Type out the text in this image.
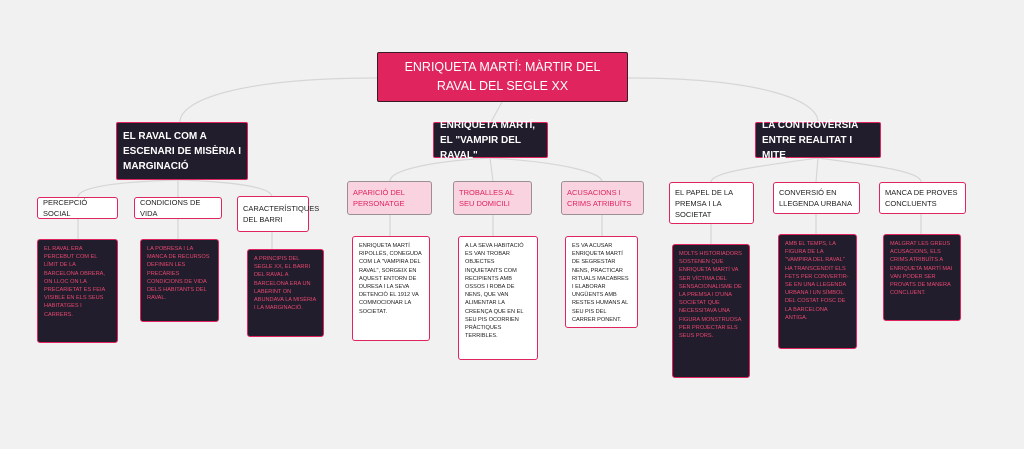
ENRIQUETA MARTÍ: MÀRTIR DEL RAVAL DEL SEGLE XX
EL RAVAL COM A ESCENARI DE MISÈRIA I MARGINACIÓ
PERCEPCIÓ SOCIAL
CONDICIONS DE VIDA
CARACTERÍSTIQUES DEL BARRI
EL RAVAL ERA PERCEBUT COM EL LÍMIT DE LA BARCELONA OBRERA, ON LLOC ON LA PRECARIETAT ES FEIA VISIBLE EN ELS SEUS HABITATGES I CARRERS.
LA POBRESA I LA MANCA DE RECURSOS DEFINIEN LES PRECÀRIES CONDICIONS DE VIDA DELS HABITANTS DEL RAVAL.
A PRINCIPIS DEL SEGLE XX, EL BARRI DEL RAVAL A BARCELONA ERA UN LABERINT ON ABUNDAVA LA MISÈRIA I LA MARGINACIÓ.
ENRIQUETA MARTÍ, EL "VAMPIR DEL RAVAL"
APARICIÓ DEL PERSONATGE
TROBALLES AL SEU DOMICILI
ACUSACIONS I CRIMS ATRIBUÏTS
ENRIQUETA MARTÍ RIPOLLÉS, CONEGUDA COM LA "VAMPIRA DEL RAVAL", SORGEIX EN AQUEST ENTORN DE DURESA I LA SEVA DETENCIÓ EL 1912 VA COMMOCIONAR LA SOCIETAT.
A LA SEVA HABITACIÓ ES VAN TROBAR OBJECTES INQUIETANTS COM RECIPIENTS AMB OSSOS I ROBA DE NENS, QUE VAN ALIMENTAR LA CREENÇA QUE EN EL SEU PIS OCORRIEN PRÀCTIQUES TERRIBLES.
ES VA ACUSAR ENRIQUETA MARTÍ DE SEGRESTAR NENS, PRACTICAR RITUALS MACABRES I ELABORAR UNGÜENTS AMB RESTES HUMANS AL SEU PIS DEL CARRER PONENT.
LA CONTROVÈRSIA ENTRE REALITAT I MITE
EL PAPEL DE LA PREMSA I LA SOCIETAT
CONVERSIÓ EN LLEGENDA URBANA
MANCA DE PROVES CONCLUENTS
MOLTS HISTORIADORS SOSTENEN QUE ENRIQUETA MARTÍ VA SER VÍCTIMA DEL SENSACIONALISME DE LA PREMSA I D'UNA SOCIETAT QUE NECESSITAVA UNA FIGURA MONSTRUOSA PER PROJECTAR ELS SEUS PORS.
AMB EL TEMPS, LA FIGURA DE LA "VAMPIRA DEL RAVAL" HA TRANSCENDIT ELS FETS PER CONVERTIR-SE EN UNA LLEGENDA URBANA I UN SÍMBOL DEL COSTAT FOSC DE LA BARCELONA ANTIGA.
MALGRAT LES GREUS ACUSACIONS, ELS CRIMS ATRIBUÏTS A ENRIQUETA MARTÍ MAI VAN PODER SER PROVATS DE MANERA CONCLUENT.
